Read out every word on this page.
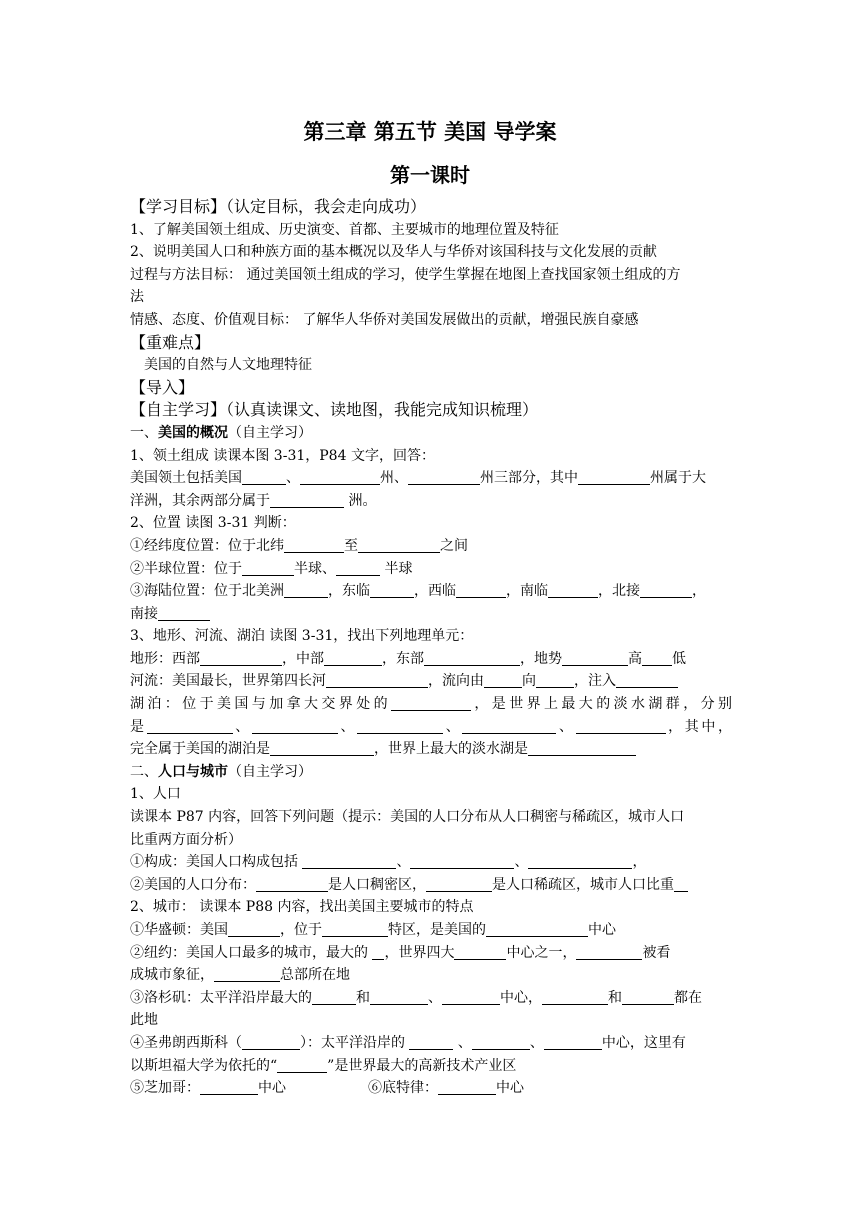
第三章 第五节 美国 导学案
第一课时
【学习目标】（认定目标，我会走向成功）
1、了解美国领土组成、历史演变、首都、主要城市的地理位置及特征
2、说明美国人口和种族方面的基本概况以及华人与华侨对该国科技与文化发展的贡献
过程与方法目标： 通过美国领土组成的学习，使学生掌握在地图上查找国家领土组成的方
法
情感、态度、价值观目标： 了解华人华侨对美国发展做出的贡献，增强民族自豪感
【重难点】
美国的自然与人文地理特征
【导入】
【自主学习】（认真读课文、读地图，我能完成知识梳理）
一、美国的概况（自主学习）
1、领土组成 读课本图 3-31，P84 文字，回答：
美国领土包括美国	、	州、	州三部分，其中	州属于大
洋洲，其余两部分属于	洲。
2、位置 读图 3-31 判断：
①经纬度位置：位于北纬	至	之间
②半球位置：位于	半球、	半球
③海陆位置：位于北美洲	，东临	，西临	，南临	，北接	，
南接
3、地形、河流、湖泊 读图 3-31，找出下列地理单元：
地形：西部	，中部	，东部	，地势	高 低
河流：美国最长，世界第四长河	，流向由	向	，注入
湖泊：位于美国与加拿大交界处的	，是世界上最大的淡水湖群，分别
是	、	、	、	、	，其中，
完全属于美国的湖泊是	，世界上最大的淡水湖是
二、人口与城市（自主学习）
1、人口
读课本 P87 内容，回答下列问题（提示：美国的人口分布从人口稠密与稀疏区，城市人口
比重两方面分析）
①构成：美国人口构成包括	、	、	，
②美国的人口分布：	是人口稠密区，	是人口稀疏区，城市人口比重
2、城市： 读课本 P88 内容，找出美国主要城市的特点
①华盛顿：美国	，位于	特区，是美国的	中心
②纽约：美国人口最多的城市，最大的 ，世界四大	中心之一，	被看
成城市象征，	总部所在地
③洛杉矶：太平洋沿岸最大的	和	、	中心，	和	都在
此地
④圣弗朗西斯科（	）：太平洋沿岸的	、	、	中心，这里有
以斯坦福大学为依托的“	”是世界最大的高新技术产业区
⑤芝加哥：	中心	⑥底特律：	中心
